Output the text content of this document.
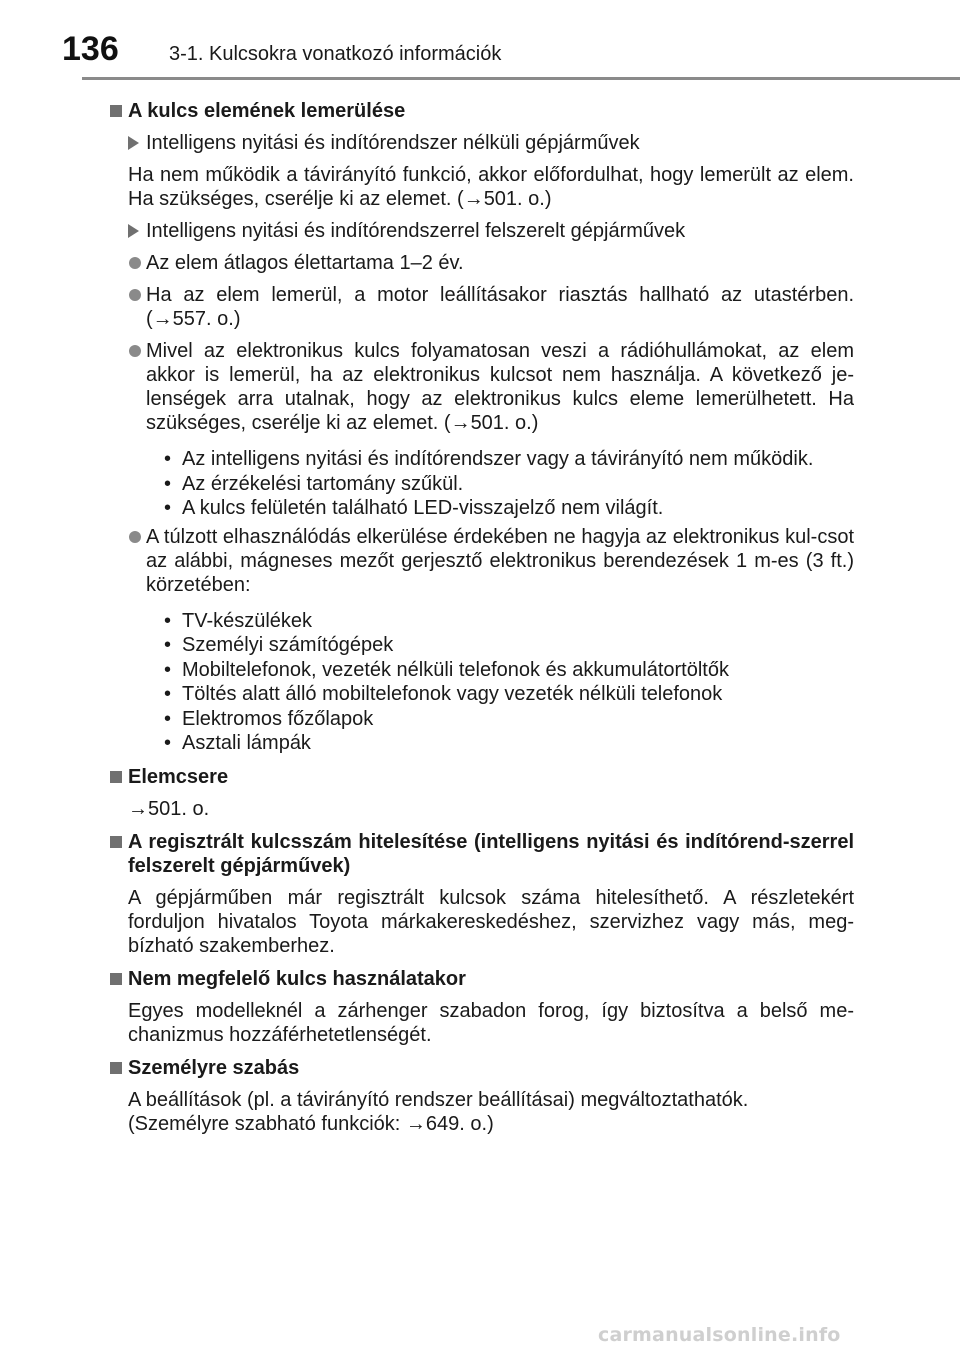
136	3-1. Kulcsokra vonatkozó információk
A kulcs elemének lemerülése
Intelligens nyitási és indítórendszer nélküli gépjárművek
Ha nem működik a távirányító funkció, akkor előfordulhat, hogy lemerült az elem. Ha szükséges, cserélje ki az elemet. (→501. o.)
Intelligens nyitási és indítórendszerrel felszerelt gépjárművek
Az elem átlagos élettartama 1–2 év.
Ha az elem lemerül, a motor leállításakor riasztás hallható az utastérben. (→557. o.)
Mivel az elektronikus kulcs folyamatosan veszi a rádióhullámokat, az elem akkor is lemerül, ha az elektronikus kulcsot nem használja. A következő je-lenségek arra utalnak, hogy az elektronikus kulcs eleme lemerülhetett. Ha szükséges, cserélje ki az elemet. (→501. o.)
• Az intelligens nyitási és indítórendszer vagy a távirányító nem működik.
• Az érzékelési tartomány szűkül.
• A kulcs felületén található LED-visszajelző nem világít.
A túlzott elhasználódás elkerülése érdekében ne hagyja az elektronikus kul-csot az alábbi, mágneses mezőt gerjesztő elektronikus berendezések 1 m-es (3 ft.) körzetében:
• TV-készülékek
• Személyi számítógépek
• Mobiltelefonok, vezeték nélküli telefonok és akkumulátortöltők
• Töltés alatt álló mobiltelefonok vagy vezeték nélküli telefonok
• Elektromos főzőlapok
• Asztali lámpák
Elemcsere
→501. o.
A regisztrált kulcsszám hitelesítése (intelligens nyitási és indítórend-szerrel felszerelt gépjárművek)
A gépjárműben már regisztrált kulcsok száma hitelesíthető. A részletekért forduljon hivatalos Toyota márkakereskedéshez, szervizhez vagy más, meg-bízható szakemberhez.
Nem megfelelő kulcs használatakor
Egyes modelleknél a zárhenger szabadon forog, így biztosítva a belső me-chanizmus hozzáférhetetlenségét.
Személyre szabás
A beállítások (pl. a távirányító rendszer beállításai) megváltoztathatók.
(Személyre szabható funkciók: →649. o.)
carmanualsonline.info
